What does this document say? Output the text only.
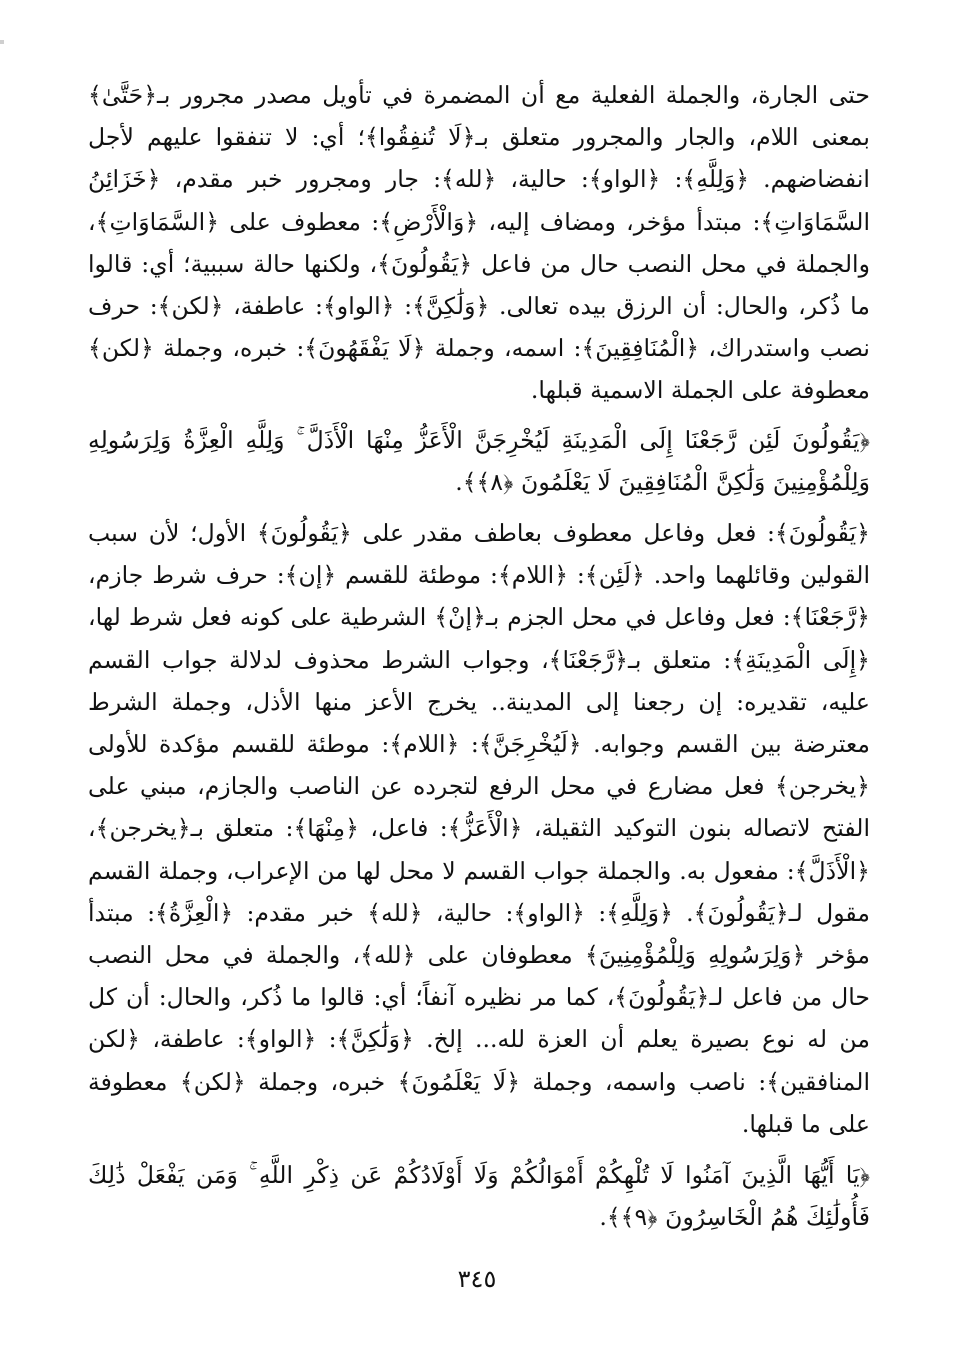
حتى الجارة، والجملة الفعلية مع أن المضمرة في تأويل مصدر مجرور بـ﴿حَتَّىٰ﴾ بمعنى اللام، والجار والمجرور متعلق بـ﴿لَا تُنفِقُوا﴾؛ أي: لا تنفقوا عليهم لأجل انفضاضهم. ﴿وَلِلَّهِ﴾: ﴿الواو﴾: حالية، ﴿لله﴾: جار ومجرور خبر مقدم، ﴿خَزَائِنُ السَّمَاوَاتِ﴾: مبتدأ مؤخر، ومضاف إليه، ﴿وَالْأَرْضِ﴾: معطوف على ﴿السَّمَاوَاتِ﴾، والجملة في محل النصب حال من فاعل ﴿يَقُولُونَ﴾، ولكنها حالة سببية؛ أي: قالوا ما ذُكر، والحال: أن الرزق بيده تعالى. ﴿وَلَٰكِنَّ﴾: ﴿الواو﴾: عاطفة، ﴿لكن﴾: حرف نصب واستدراك، ﴿الْمُنَافِقِينَ﴾: اسمه، وجملة ﴿لَا يَفْقَهُونَ﴾: خبره، وجملة ﴿لكن﴾ معطوفة على الجملة الاسمية قبلها.

﴿يَقُولُونَ لَئِن رَّجَعْنَا إِلَى الْمَدِينَةِ لَيُخْرِجَنَّ الْأَعَزُّ مِنْهَا الْأَذَلَّ ۚ وَلِلَّهِ الْعِزَّةُ وَلِرَسُولِهِ وَلِلْمُؤْمِنِينَ وَلَٰكِنَّ الْمُنَافِقِينَ لَا يَعْلَمُونَ ﴿٨﴾﴾.

﴿يَقُولُونَ﴾: فعل وفاعل معطوف بعاطف مقدر على ﴿يَقُولُونَ﴾ الأول؛ لأن سبب القولين وقائلهما واحد. ﴿لَئِن﴾: ﴿اللام﴾: موطئة للقسم ﴿إن﴾: حرف شرط جازم، ﴿رَّجَعْنَا﴾: فعل وفاعل في محل الجزم بـ﴿إنْ﴾ الشرطية على كونه فعل شرط لها، ﴿إِلَى الْمَدِينَةِ﴾: متعلق بـ﴿رَّجَعْنَا﴾، وجواب الشرط محذوف لدلالة جواب القسم عليه، تقديره: إن رجعنا إلى المدينة.. يخرج الأعز منها الأذل، وجملة الشرط معترضة بين القسم وجوابه. ﴿لَيُخْرِجَنَّ﴾: ﴿اللام﴾: موطئة للقسم مؤكدة للأولى ﴿يخرجن﴾ فعل مضارع في محل الرفع لتجرده عن الناصب والجازم، مبني على الفتح لاتصاله بنون التوكيد الثقيلة، ﴿الْأَعَزُّ﴾: فاعل، ﴿مِنْهَا﴾: متعلق بـ﴿يخرجن﴾، ﴿الْأَذَلَّ﴾: مفعول به. والجملة جواب القسم لا محل لها من الإعراب، وجملة القسم مقول لـ﴿يَقُولُونَ﴾. ﴿وَلِلَّهِ﴾: ﴿الواو﴾: حالية، ﴿لله﴾ خبر مقدم: ﴿الْعِزَّةُ﴾: مبتدأ مؤخر ﴿وَلِرَسُولِهِ وَلِلْمُؤْمِنِينَ﴾ معطوفان على ﴿لله﴾، والجملة في محل النصب حال من فاعل لـ﴿يَقُولُونَ﴾، كما مر نظيره آنفاً؛ أي: قالوا ما ذُكر، والحال: أن كل من له نوع بصيرة يعلم أن العزة لله... إلخ. ﴿وَلَٰكِنَّ﴾: ﴿الواو﴾: عاطفة، ﴿لكن المنافقين﴾: ناصب واسمه، وجملة ﴿لَا يَعْلَمُونَ﴾ خبره، وجملة ﴿لكن﴾ معطوفة على ما قبلها.

﴿يَا أَيُّهَا الَّذِينَ آمَنُوا لَا تُلْهِكُمْ أَمْوَالُكُمْ وَلَا أَوْلَادُكُمْ عَن ذِكْرِ اللَّهِ ۚ وَمَن يَفْعَلْ ذَٰلِكَ فَأُولَٰئِكَ هُمُ الْخَاسِرُونَ ﴿٩﴾﴾.

٣٤٥
